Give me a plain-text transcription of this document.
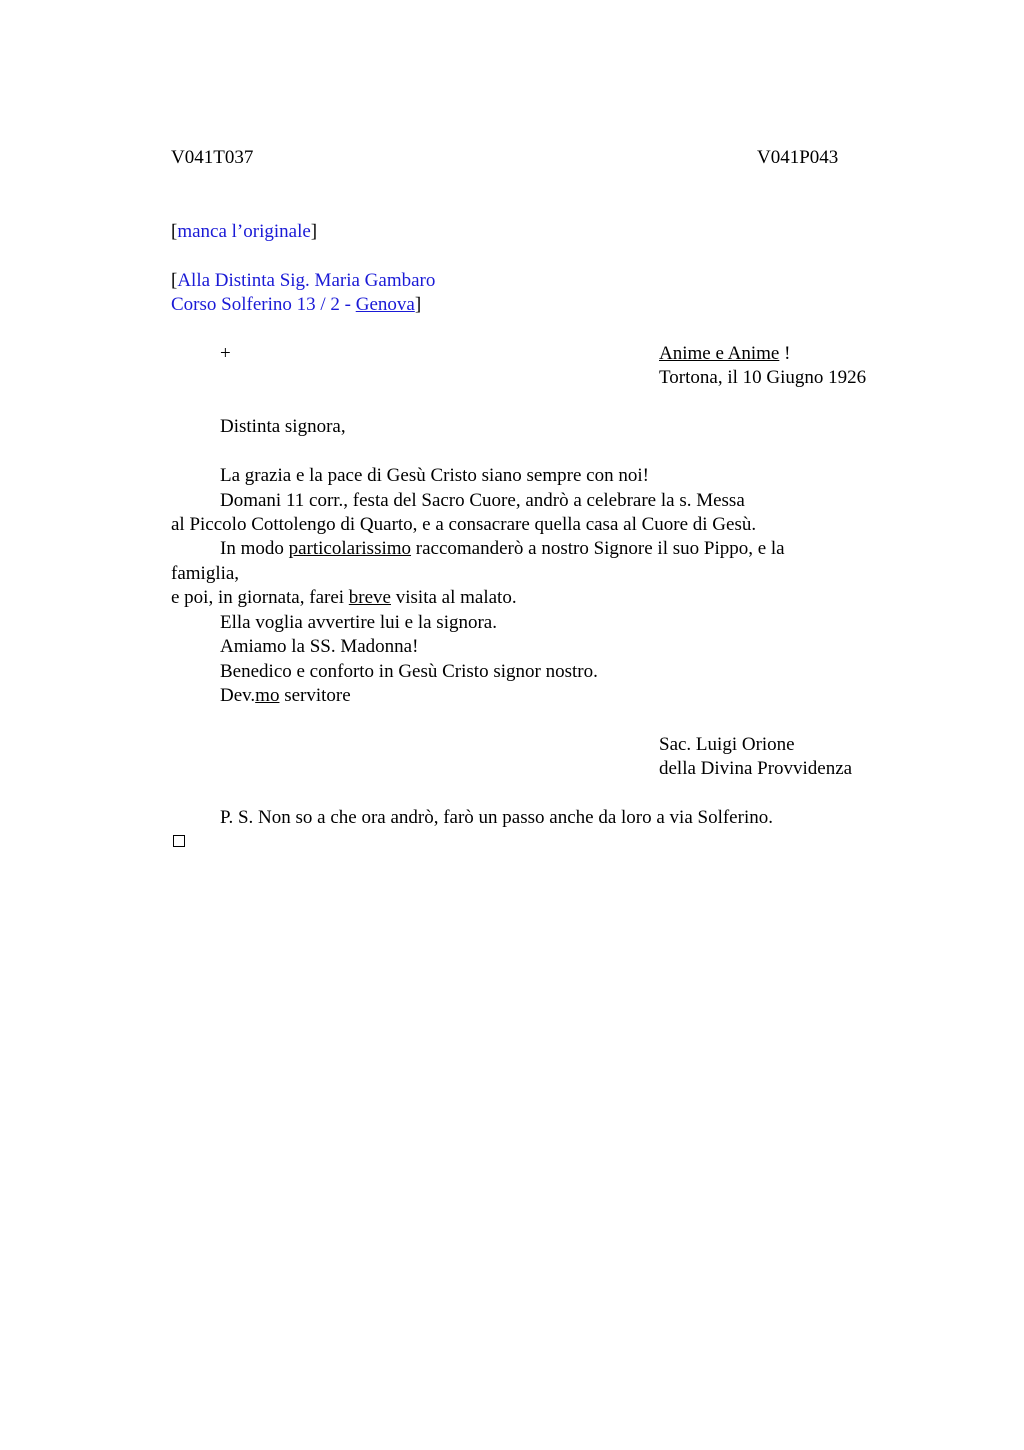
V041T037	V041P043
[manca l’originale]
[Alla Distinta Sig. Maria Gambaro
Corso Solferino 13 / 2 - Genova]
+	Anime e Anime !
Tortona, il 10 Giugno 1926
Distinta signora,
La grazia e la pace di Gesù Cristo siano sempre con noi!
Domani 11 corr., festa del Sacro Cuore, andrò a celebrare la s. Messa
al Piccolo Cottolengo di Quarto, e a consacrare quella casa al Cuore di Gesù.
In modo particolarissimo raccomanderò a nostro Signore il suo Pippo, e la
famiglia,
e poi, in giornata, farei breve visita al malato.
Ella voglia avvertire lui e la signora.
Amiamo la SS. Madonna!
Benedico e conforto in Gesù Cristo signor nostro.
Dev.mo servitore
Sac. Luigi Orione
della Divina Provvidenza
P. S. Non so a che ora andrò, farò un passo anche da loro a via Solferino.
